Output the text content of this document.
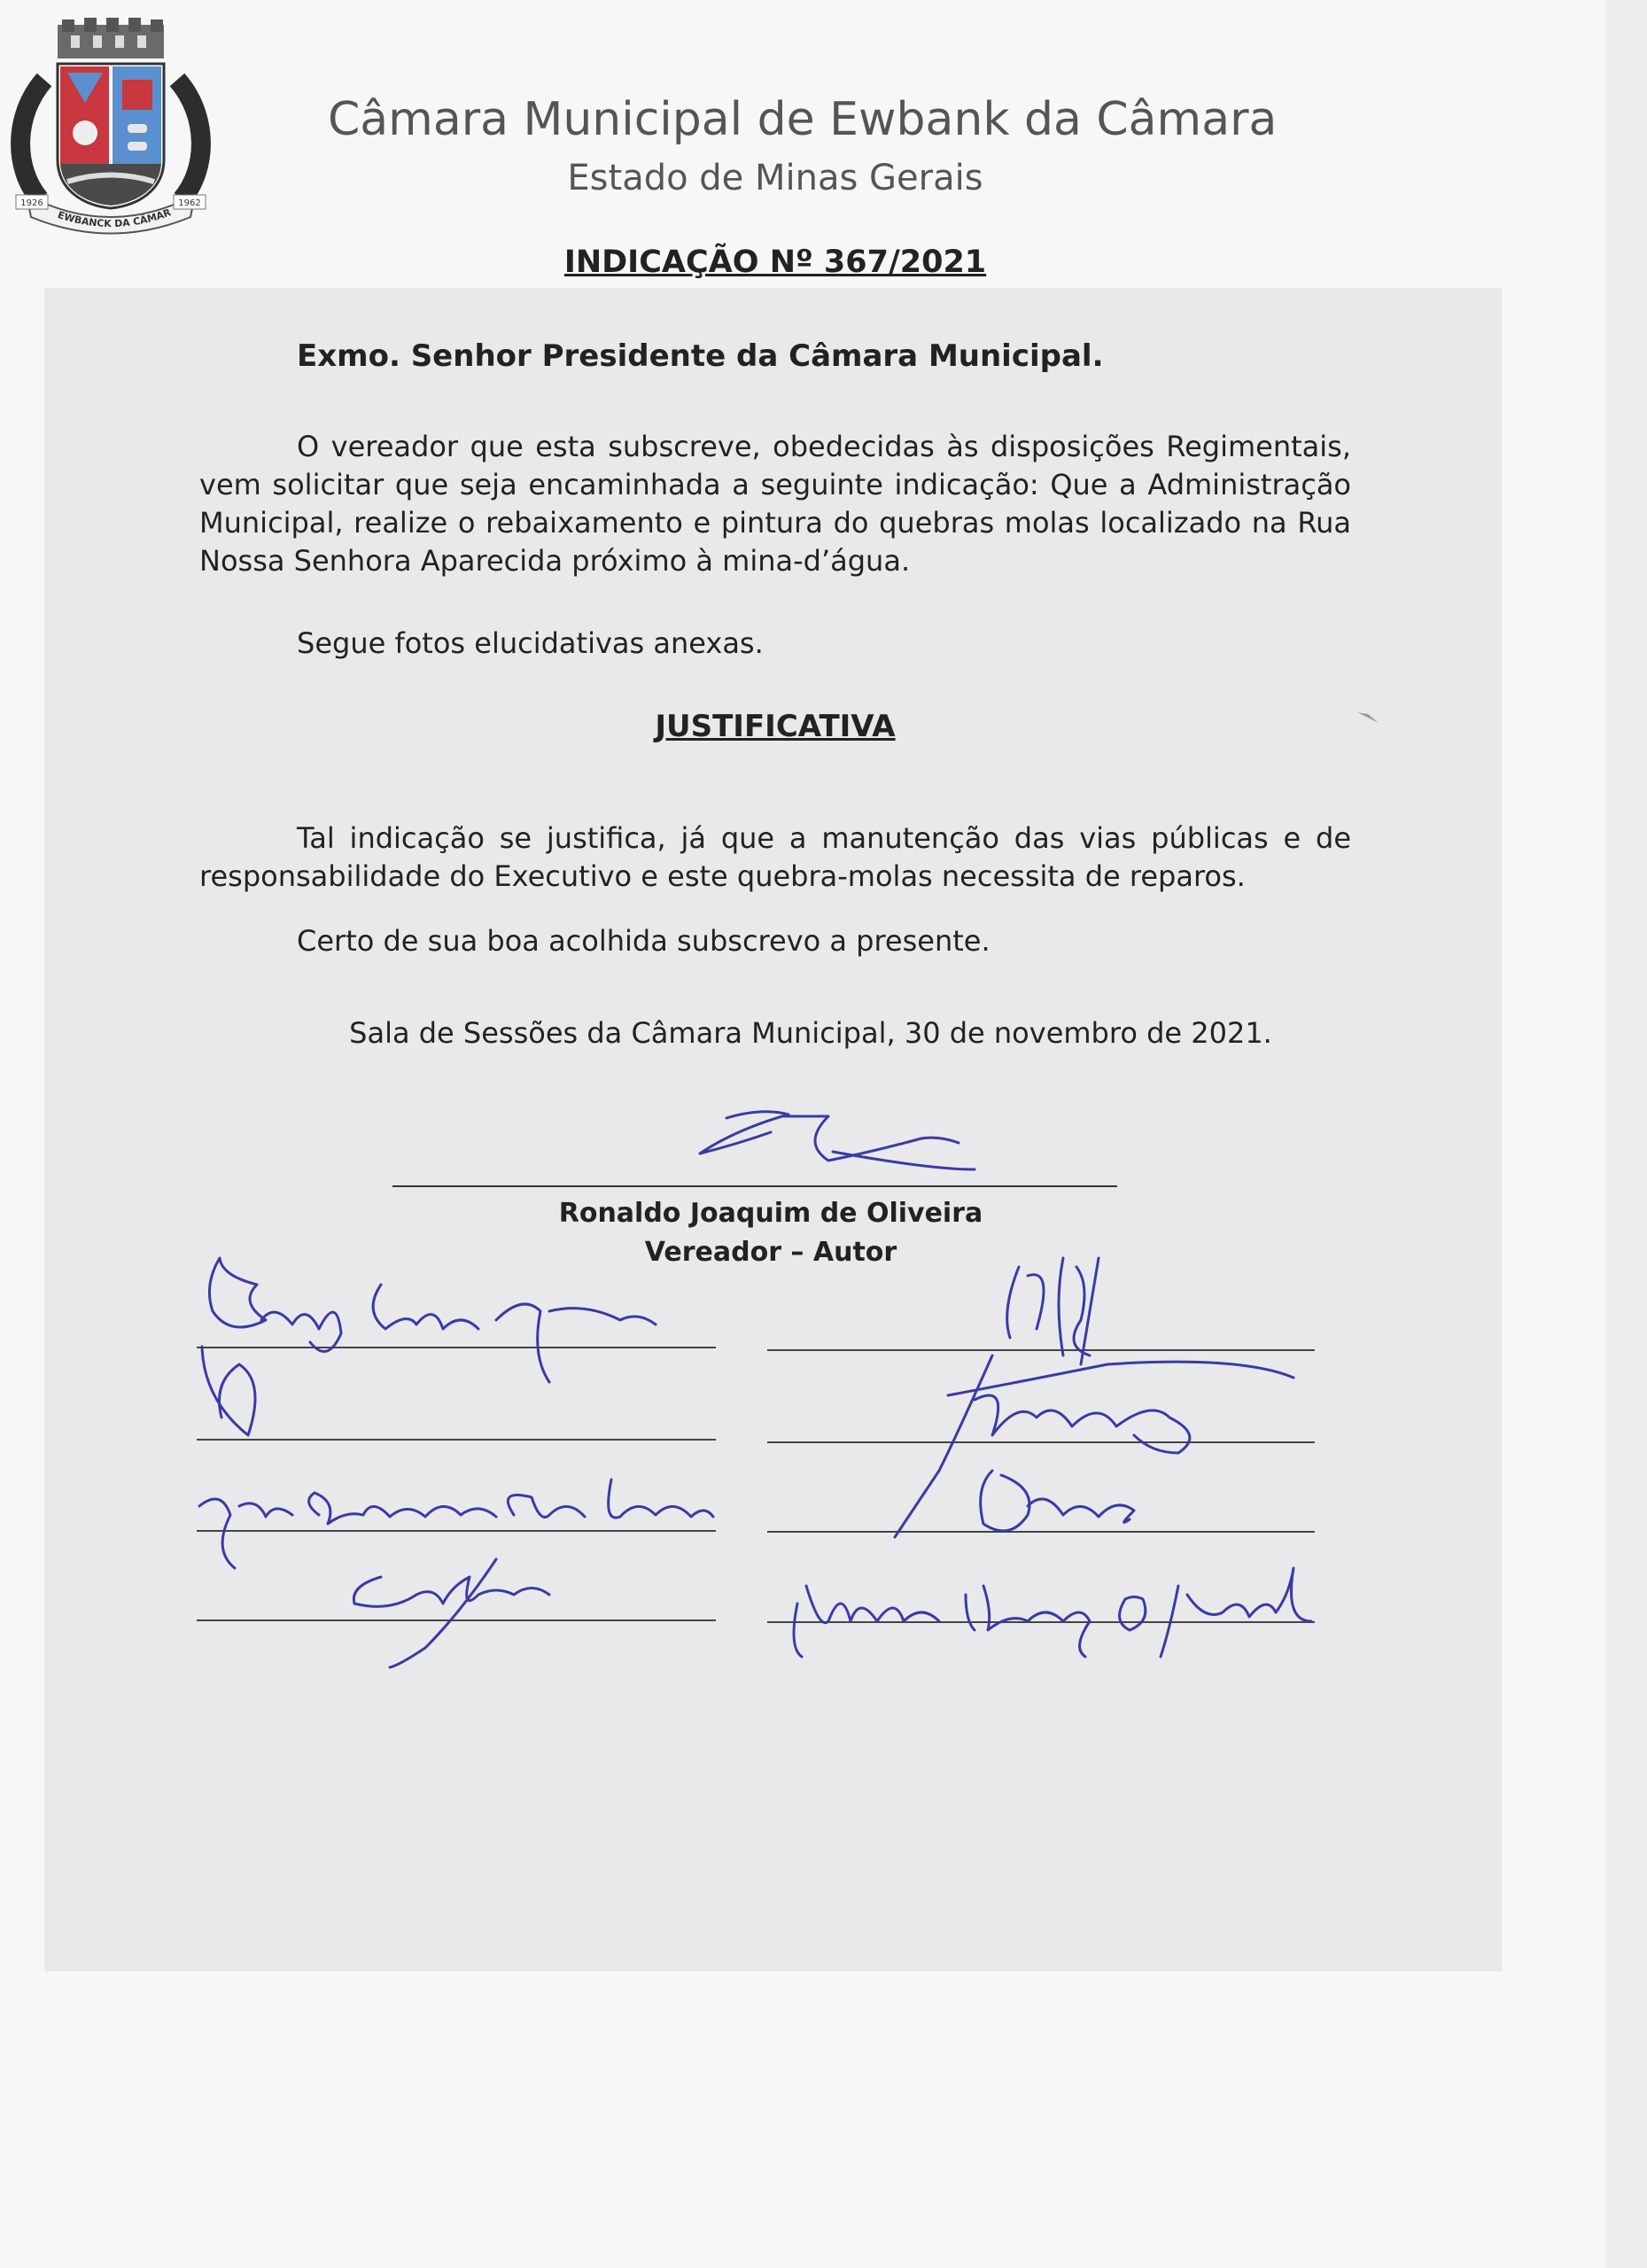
EWBANCK DA CÂMAR
1926	1962
Câmara Municipal de Ewbank da Câmara
Estado de Minas Gerais
INDICAÇÃO Nº 367/2021
Exmo. Senhor Presidente da Câmara Municipal.
O vereador que esta subscreve, obedecidas às disposições Regimentais, vem solicitar que seja encaminhada a seguinte indicação: Que a Administração Municipal, realize o rebaixamento e pintura do quebras molas localizado na Rua Nossa Senhora Aparecida próximo à mina-d’água.
Segue fotos elucidativas anexas.
JUSTIFICATIVA
Tal indicação se justifica, já que a manutenção das vias públicas e de responsabilidade do Executivo e este quebra-molas necessita de reparos.
Certo de sua boa acolhida subscrevo a presente.
Sala de Sessões da Câmara Municipal, 30 de novembro de 2021.
Ronaldo Joaquim de Oliveira
Vereador – Autor
